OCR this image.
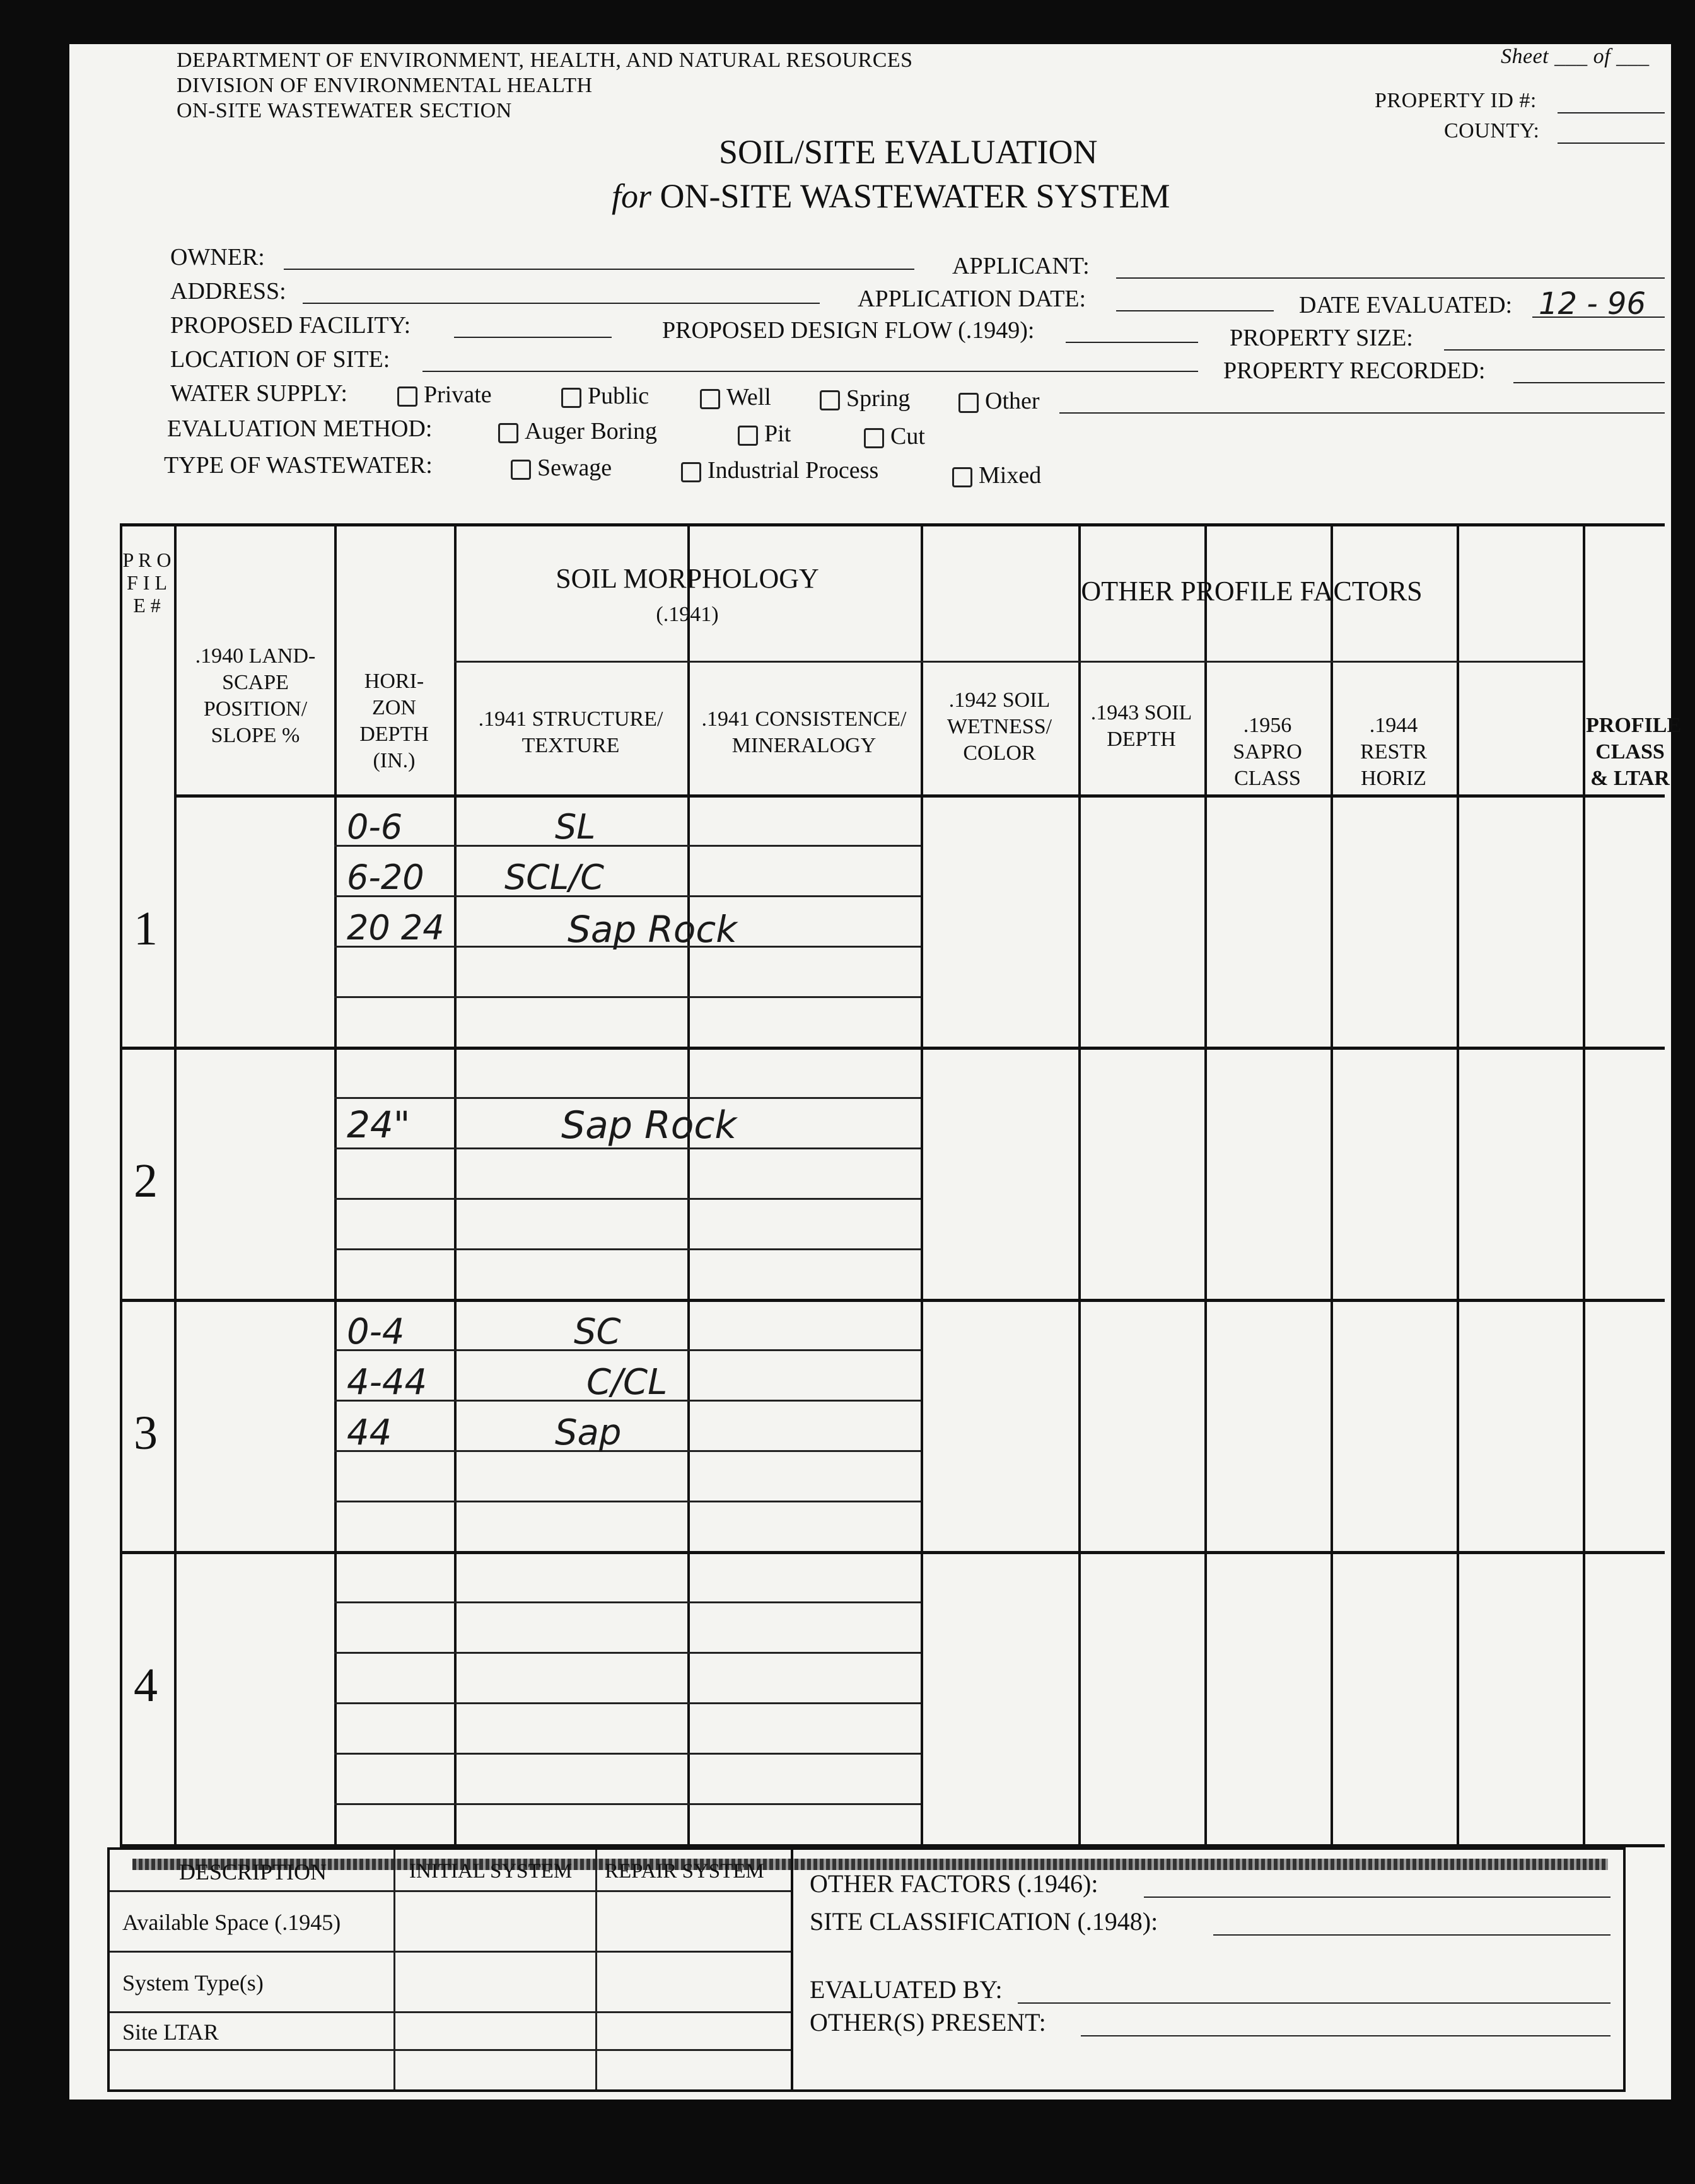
DEPARTMENT OF ENVIRONMENT, HEALTH, AND NATURAL RESOURCES
DIVISION OF ENVIRONMENTAL HEALTH
ON-SITE WASTEWATER SECTION
Sheet ___ of ___
PROPERTY ID #:
COUNTY:
SOIL/SITE EVALUATION
for ON-SITE WASTEWATER SYSTEM
OWNER:	APPLICANT:
ADDRESS:	APPLICATION DATE:	DATE EVALUATED: 12 - 96
PROPOSED FACILITY:	PROPOSED DESIGN FLOW (.1949):	PROPERTY SIZE:
LOCATION OF SITE:	PROPERTY RECORDED:
WATER SUPPLY:	Private	Public	Well	Spring	Other
EVALUATION METHOD:	Auger Boring	Pit	Cut
TYPE OF WASTEWATER:	Sewage	Industrial Process	Mixed
P R O F I L E #
.1940 LAND- SCAPE POSITION/ SLOPE %
HORI- ZON DEPTH (IN.)
SOIL MORPHOLOGY
(.1941)
.1941 STRUCTURE/ TEXTURE
.1941 CONSISTENCE/ MINERALOGY
OTHER PROFILE FACTORS
.1942 SOIL WETNESS/ COLOR
.1943 SOIL DEPTH
.1956 SAPRO CLASS
.1944 RESTR HORIZ
PROFILE CLASS & LTAR
1
2
3
4
0-6
6-20
20 24
SL
SCL/C
Sap Rock
24"	Sap Rock
0-4
4-44
44
SC
C/CL
Sap
DESCRIPTION	INITIAL SYSTEM REPAIR SYSTEM
Available Space (.1945)
System Type(s)
Site LTAR
OTHER FACTORS (.1946):
SITE CLASSIFICATION (.1948):
EVALUATED BY:
OTHER(S) PRESENT:
